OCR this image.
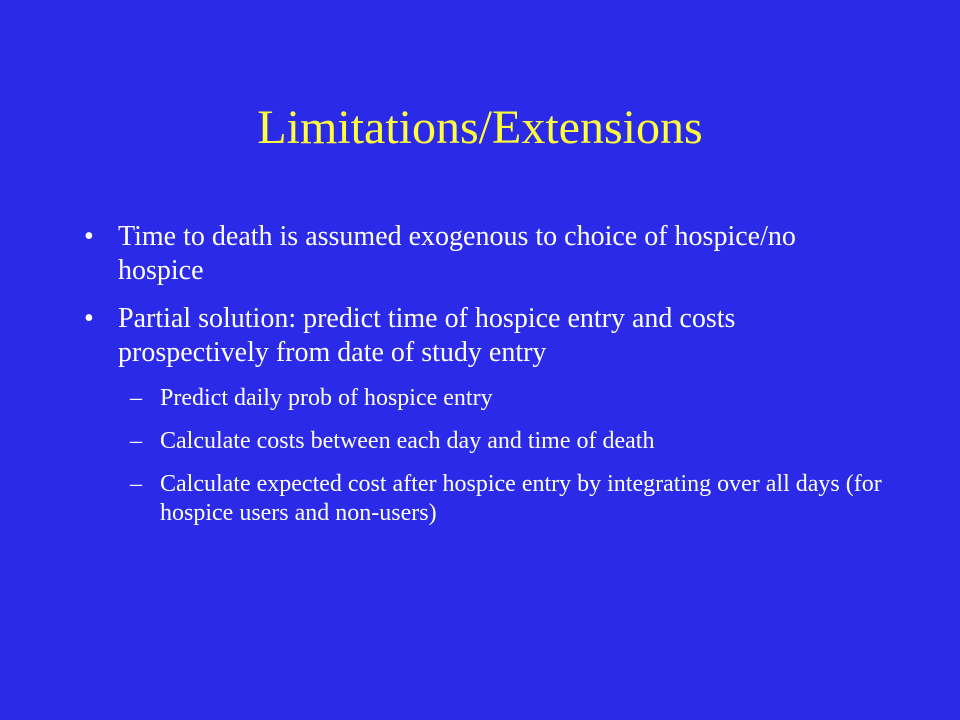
Limitations/Extensions
• Time to death is assumed exogenous to choice of hospice/no hospice
• Partial solution: predict time of hospice entry and costs prospectively from date of study entry
– Predict daily prob of hospice entry
– Calculate costs between each day and time of death
– Calculate expected cost after hospice entry by integrating over all days (for hospice users and non-users)
